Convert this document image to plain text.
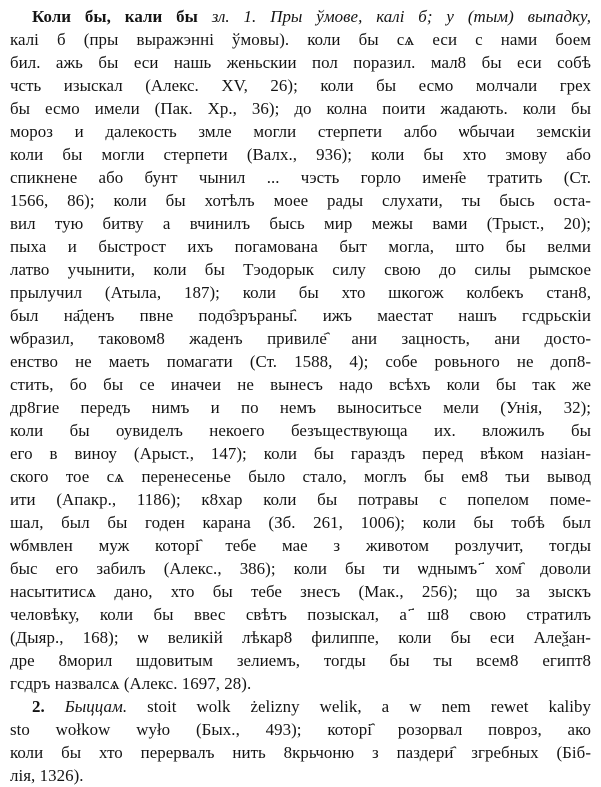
Коли бы, кали бы зл. 1. Пры ўмове, калі б; у (тым) выпадку,
калі б (пры выражэнні ўмовы). коли бы сѧ еси с нами боем
бил. ажь бы еси нашь женьскии пол поразил. мал8 бы еси собѣ
чсть изыскал (Алекс. XV, 26); коли бы есмо молчали грех
бы есмо имели (Пак. Хр., 36); до колна поити жадають. коли бы
мороз и далекость змле могли стерпети албо ѡбычаи земскіи
коли бы могли стерпети (Валх., 936); коли бы хто змову або
спикнене або бунт чынил ... чэсть горло имен҄е тратить (Ст.
1566, 86); коли бы хотѣлъ моее рады слухати, ты бысь оста-
вил тую битву а вчинилъ бысь мир межы вами (Трыст., 20);
пыха и быстрост ихъ погамована быт могла, што бы велми
латво учынити, коли бы Тэодорык силу свою до силы рымское
прылучил (Атыла, 187); коли бы хто шкогож колбекъ стан8,
был на҃денъ пвне подо҄зръраны҄. ижъ маестат нашъ гсдрьскіи
ѡбразил, таковом8 жаденъ привиле҄ ани зацность, ани досто-
енство не маеть помагати (Ст. 1588, 4); собе ровьного не доп8-
стить, бо бы се иначеи не вынесъ надо всѣхъ коли бы так же
др8гие передъ нимъ и по немъ выноситьсе мели (Унія, 32);
коли бы оувиделъ некоего безъществующа их. вложилъ бы
его в виноу (Арыст., 147); коли бы гараздъ перед вѣком назіан-
ского тое сѧ перенесенье было стало, моглъ бы ем8 тьи вывод
ити (Апакр., 1186); к8хар коли бы потравы с попелом поме-
шал, был бы годен карана (Зб. 261, 1006); коли бы тобѣ был
ѡбмвлен муж которі҄ тебе мае з животом розлучит, тогды
быс его забилъ (Алекс., 386); коли бы ти ѡднымъ ҃хом҄ доволи
насытитисѧ дано, хто бы тебе знесъ (Мак., 256); що за зыскъ
человѣку, коли бы ввес свѣтъ позыскал, а ҃ш8 свою стратилъ
(Дыяр., 168); ѡ великій лѣкар8 филиппе, коли бы еси Алеѯан-
дре 8морил шдовитым зелиемъ, тогды бы ты всем8 египт8
гсдръ назвалсѧ (Алекс. 1697, 28).
2. Быццам. stoit wolk żelizny welik, a w nem rewet kaliby
sto wołkow wyło (Бых., 493); которі҄ розорвал повроз, ако
коли бы хто перервалъ нить 8крьчоню з паздери҄ згребных (Біб-
лія, 1326).
